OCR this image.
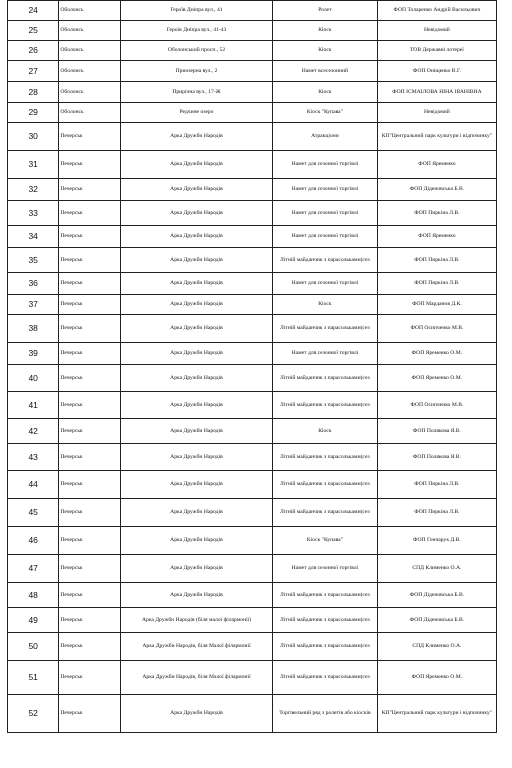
24	Оболонсь	Героїв Дніпра вул., 41	Ролет	ФОП Толаренко Андрій Васильович
25	Оболонсь	Героїв Дніпра вул., 41-43	Кіоск	Невідомий
26	Оболонсь	Оболонський просп., 52	Кіоск	ТОВ Державні лотереї
27	Оболонсь	Приозерна вул., 2	Намет всесезонний	ФОП Оніщенко В.Г.
28	Оболонсь	Прирічна вул., 17-Ж	Кіоск	ФОП ІСМАІЛОВА НІНА ІВАНІВНА
29	Оболонсь	Редчине озеро	Кіоск "Купава"	Невідомий
30	Печерськ	Арка Дружби Народів	Атракціони	КП"Центральний парк культури і відпочинку"
31	Печерськ	Арка Дружби Народів	Намет для сезонної торгівлі	ФОП Яременко
32	Печерськ	Арка Дружби Народів	Намет для сезонної торгівлі	ФОП Діденовська Б.В.
33	Печерськ	Арка Дружби Народів	Намет для сезонної торгівлі	ФОП Пиркіна Л.В.
34	Печерськ	Арка Дружби Народів	Намет для сезонної торгівлі	ФОП Яременко
35	Печерськ	Арка Дружби Народів	Літній майданчик з парасольками(сез	ФОП Пиркіна Л.В.
36	Печерськ	Арка Дружби Народів	Намет для сезонної торгівлі	ФОП Пиркіна Л.В.
37	Печерськ	Арка Дружби Народів	Кіоск	ФОП Марданов Д.К.
38	Печерськ	Арка Дружби Народів	Літній майданчик з парасольками(сез	ФОП Осипченко М.В.
39	Печерськ	Арка Дружби Народів	Намет для сезонної торгівлі	ФОП Яременко О.М.
40	Печерськ	Арка Дружби Народів	Літній майданчик з парасольками(сез	ФОП Яременко О.М.
41	Печерськ	Арка Дружби Народів	Літній майданчик з парасольками(сез	ФОП Осипченко М.В.
42	Печерськ	Арка Дружби Народів	Кіоск	ФОП Полякова Я.В.
43	Печерськ	Арка Дружби Народів	Літній майданчик з парасольками(сез	ФОП Полякова Я.В.
44	Печерськ	Арка Дружби Народів	Літній майданчик з парасольками(сез	ФОП Пиркіна Л.В.
45	Печерськ	Арка Дружби Народів	Літній майданчик з парасольками(сез	ФОП Пиркіна Л.В.
46	Печерськ	Арка Дружби Народів	Кіоск "Купава"	ФОП Гончарук Д.В.
47	Печерськ	Арка Дружби Народів	Намет для сезонної торгівлі	СПД Клименко О.А.
48	Печерськ	Арка Дружби Народів	Літній майданчик з парасольками(сез	ФОП Діденовська Б.В.
49	Печерськ	Арка Дружби Народів (біля малої філармонії)	Літній майданчик з парасольками(сез	ФОП Діденовська Б.В.
50	Печерськ	Арка Дружби Народів, біля Малої філармонії	Літній майданчик з парасольками(сез	СПД Клименко О.А.
51	Печерськ	Арка Дружби Народів, біля Малої філармонії	Літній майданчик з парасольками(сез	ФОП Яременко О.М.
52	Печерськ	Арка Дружби Народів	Торгівельний ряд з ролетів або кіосків	КП"Центральний парк культури і відпочинку"
